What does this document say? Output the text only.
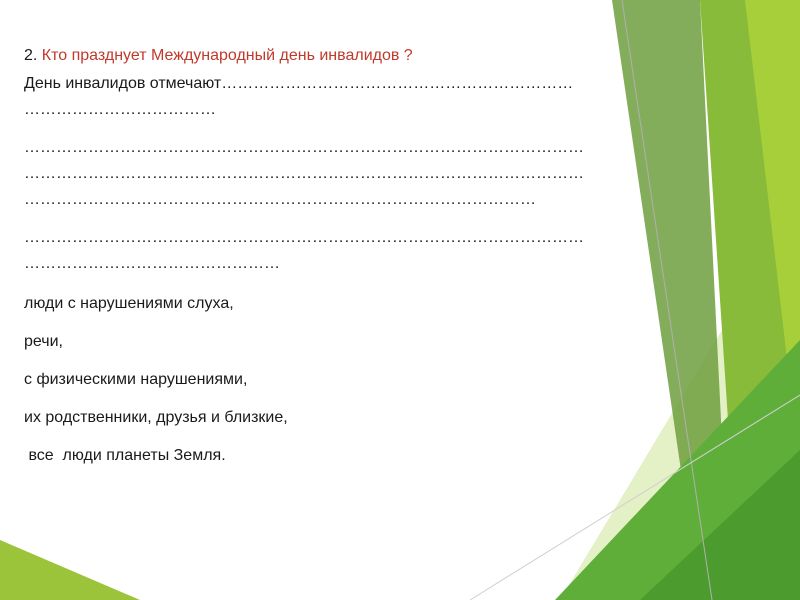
2. Кто празднует Международный день инвалидов ?
День инвалидов отмечают…………………………………………………………
………………………………
……………………………………………………………………………………………
……………………………………………………………………………………………
……………………………………………………………………………………
……………………………………………………………………………………………
…………………………………………
люди с нарушениями слуха,
речи,
с физическими нарушениями,
их родственники, друзья и близкие,
все  люди планеты Земля.
